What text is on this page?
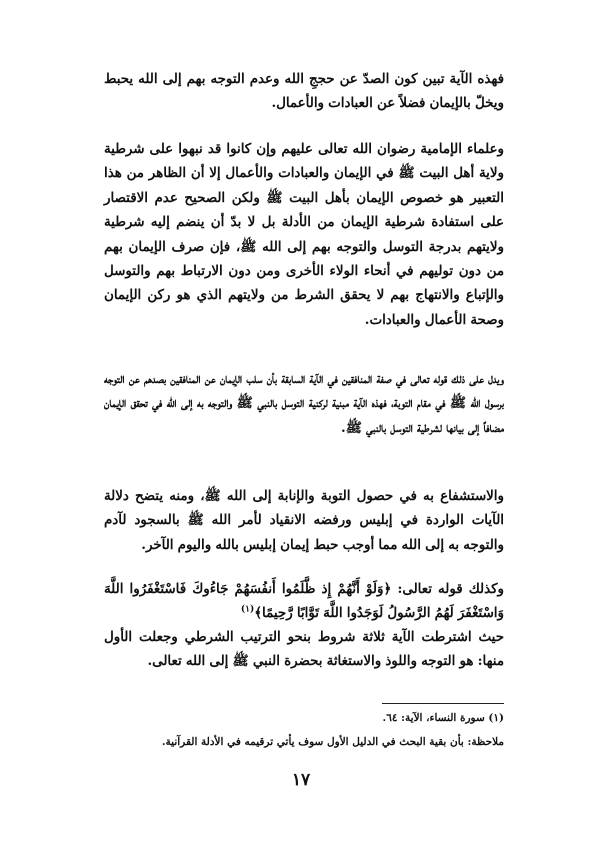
فهذه الآية تبين كون الصدّ عن حججِ الله وعدم التوجه بهم إلى الله يحبط ويخلّ بالإيمان فضلاً عن العبادات والأعمال.

وعلماء الإمامية رضوان الله تعالى عليهم وإن كانوا قد نبهوا على شرطية ولاية أهل البيت ﷺ في الإيمان والعبادات والأعمال إلا أن الظاهر من هذا التعبير هو خصوص الإيمان بأهل البيت ﷺ ولكن الصحيح عدم الاقتصار على استفادة شرطية الإيمان من الأدلة بل لا بدّ أن ينضم إليه شرطية ولايتهم بدرجة التوسل والتوجه بهم إلى الله ﷺ، فإن صرف الإيمان بهم من دون توليهم في أنحاء الولاء الأخرى ومن دون الارتباط بهم والتوسل والإتباع والانتهاج بهم لا يحقق الشرط من ولايتهم الذي هو ركن الإيمان وصحة الأعمال والعبادات.

ويدل على ذلك قوله تعالى في صفة المنافقين في الآية السابقة بأن سلب الإيمان عن المنافقين بصدهم عن التوجه برسول الله ﷺ في مقام التوبة، فهذه الآية مبنية لركنية التوسل بالنبي ﷺ والتوجه به إلى الله في تحقق الإيمان مضافاً إلى بيانها لشرطية التوسل بالنبي ﷺ.

والاستشفاع به في حصول التوبة والإنابة إلى الله ﷺ، ومنه يتضح دلالة الآيات الواردة في إبليس ورفضه الانقياد لأمر الله ﷺ بالسجود لآدم والتوجه به إلى الله مما أوجب حبط إيمان إبليس بالله واليوم الآخر.

وكذلك قوله تعالى: ﴿وَلَوْ أَنَّهُمْ إِذ ظَّلَمُوا أَنفُسَهُمْ جَاءُوكَ فَاسْتَغْفَرُوا اللَّهَ وَاسْتَغْفَرَ لَهُمُ الرَّسُولُ لَوَجَدُوا اللَّهَ تَوَّابًا رَّحِيمًا﴾$^{(١)}$

حيث اشترطت الآية ثلاثة شروط بنحو الترتيب الشرطي وجعلت الأول منها: هو التوجه واللوذ والاستغاثة بحضرة النبي ﷺ إلى الله تعالى.

(١) سورة النساء، الآية: ٦٤.
ملاحظة: بأن بقية البحث في الدليل الأول سوف يأتي ترقيمه في الأدلة القرآنية.
١٧
